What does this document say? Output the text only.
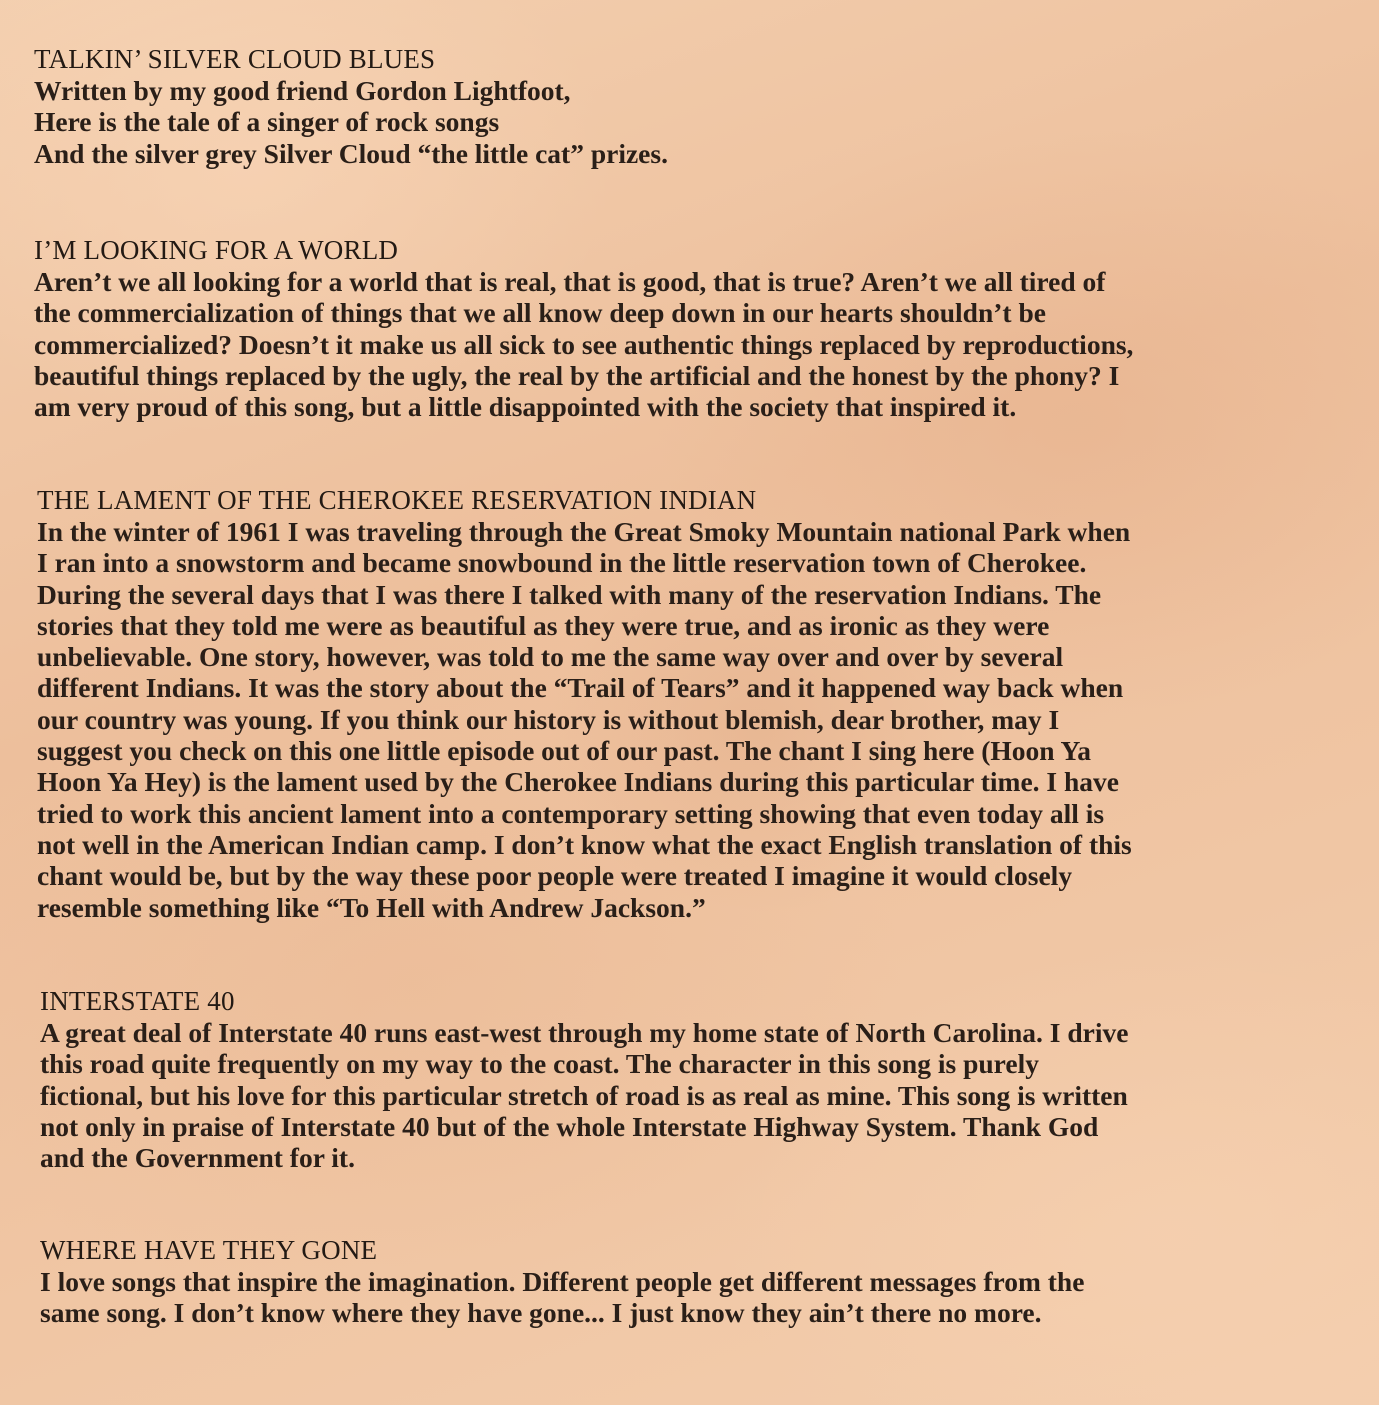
TALKIN’ SILVER CLOUD BLUES

Written by my good friend Gordon Lightfoot,
Here is the tale of a singer of rock songs
And the silver grey Silver Cloud “the little cat” prizes.

I’M LOOKING FOR A WORLD

Aren’t we all looking for a world that is real, that is good, that is true? Aren’t we all tired of
the commercialization of things that we all know deep down in our hearts shouldn’t be
commercialized? Doesn’t it make us all sick to see authentic things replaced by reproductions,
beautiful things replaced by the ugly, the real by the artificial and the honest by the phony? I
am very proud of this song, but a little disappointed with the society that inspired it.

THE LAMENT OF THE CHEROKEE RESERVATION INDIAN

In the winter of 1961 I was traveling through the Great Smoky Mountain national Park when
I ran into a snowstorm and became snowbound in the little reservation town of Cherokee.
During the several days that I was there I talked with many of the reservation Indians. The
stories that they told me were as beautiful as they were true, and as ironic as they were
unbelievable. One story, however, was told to me the same way over and over by several
different Indians. It was the story about the “Trail of Tears” and it happened way back when
our country was young. If you think our history is without blemish, dear brother, may I
suggest you check on this one little episode out of our past. The chant I sing here (Hoon Ya
Hoon Ya Hey) is the lament used by the Cherokee Indians during this particular time. I have
tried to work this ancient lament into a contemporary setting showing that even today all is
not well in the American Indian camp. I don’t know what the exact English translation of this
chant would be, but by the way these poor people were treated I imagine it would closely
resemble something like “To Hell with Andrew Jackson.”

INTERSTATE 40

A great deal of Interstate 40 runs east-west through my home state of North Carolina. I drive
this road quite frequently on my way to the coast. The character in this song is purely
fictional, but his love for this particular stretch of road is as real as mine. This song is written
not only in praise of Interstate 40 but of the whole Interstate Highway System. Thank God
and the Government for it.

WHERE HAVE THEY GONE

I love songs that inspire the imagination. Different people get different messages from the
same song. I don’t know where they have gone... I just know they ain’t there no more.
